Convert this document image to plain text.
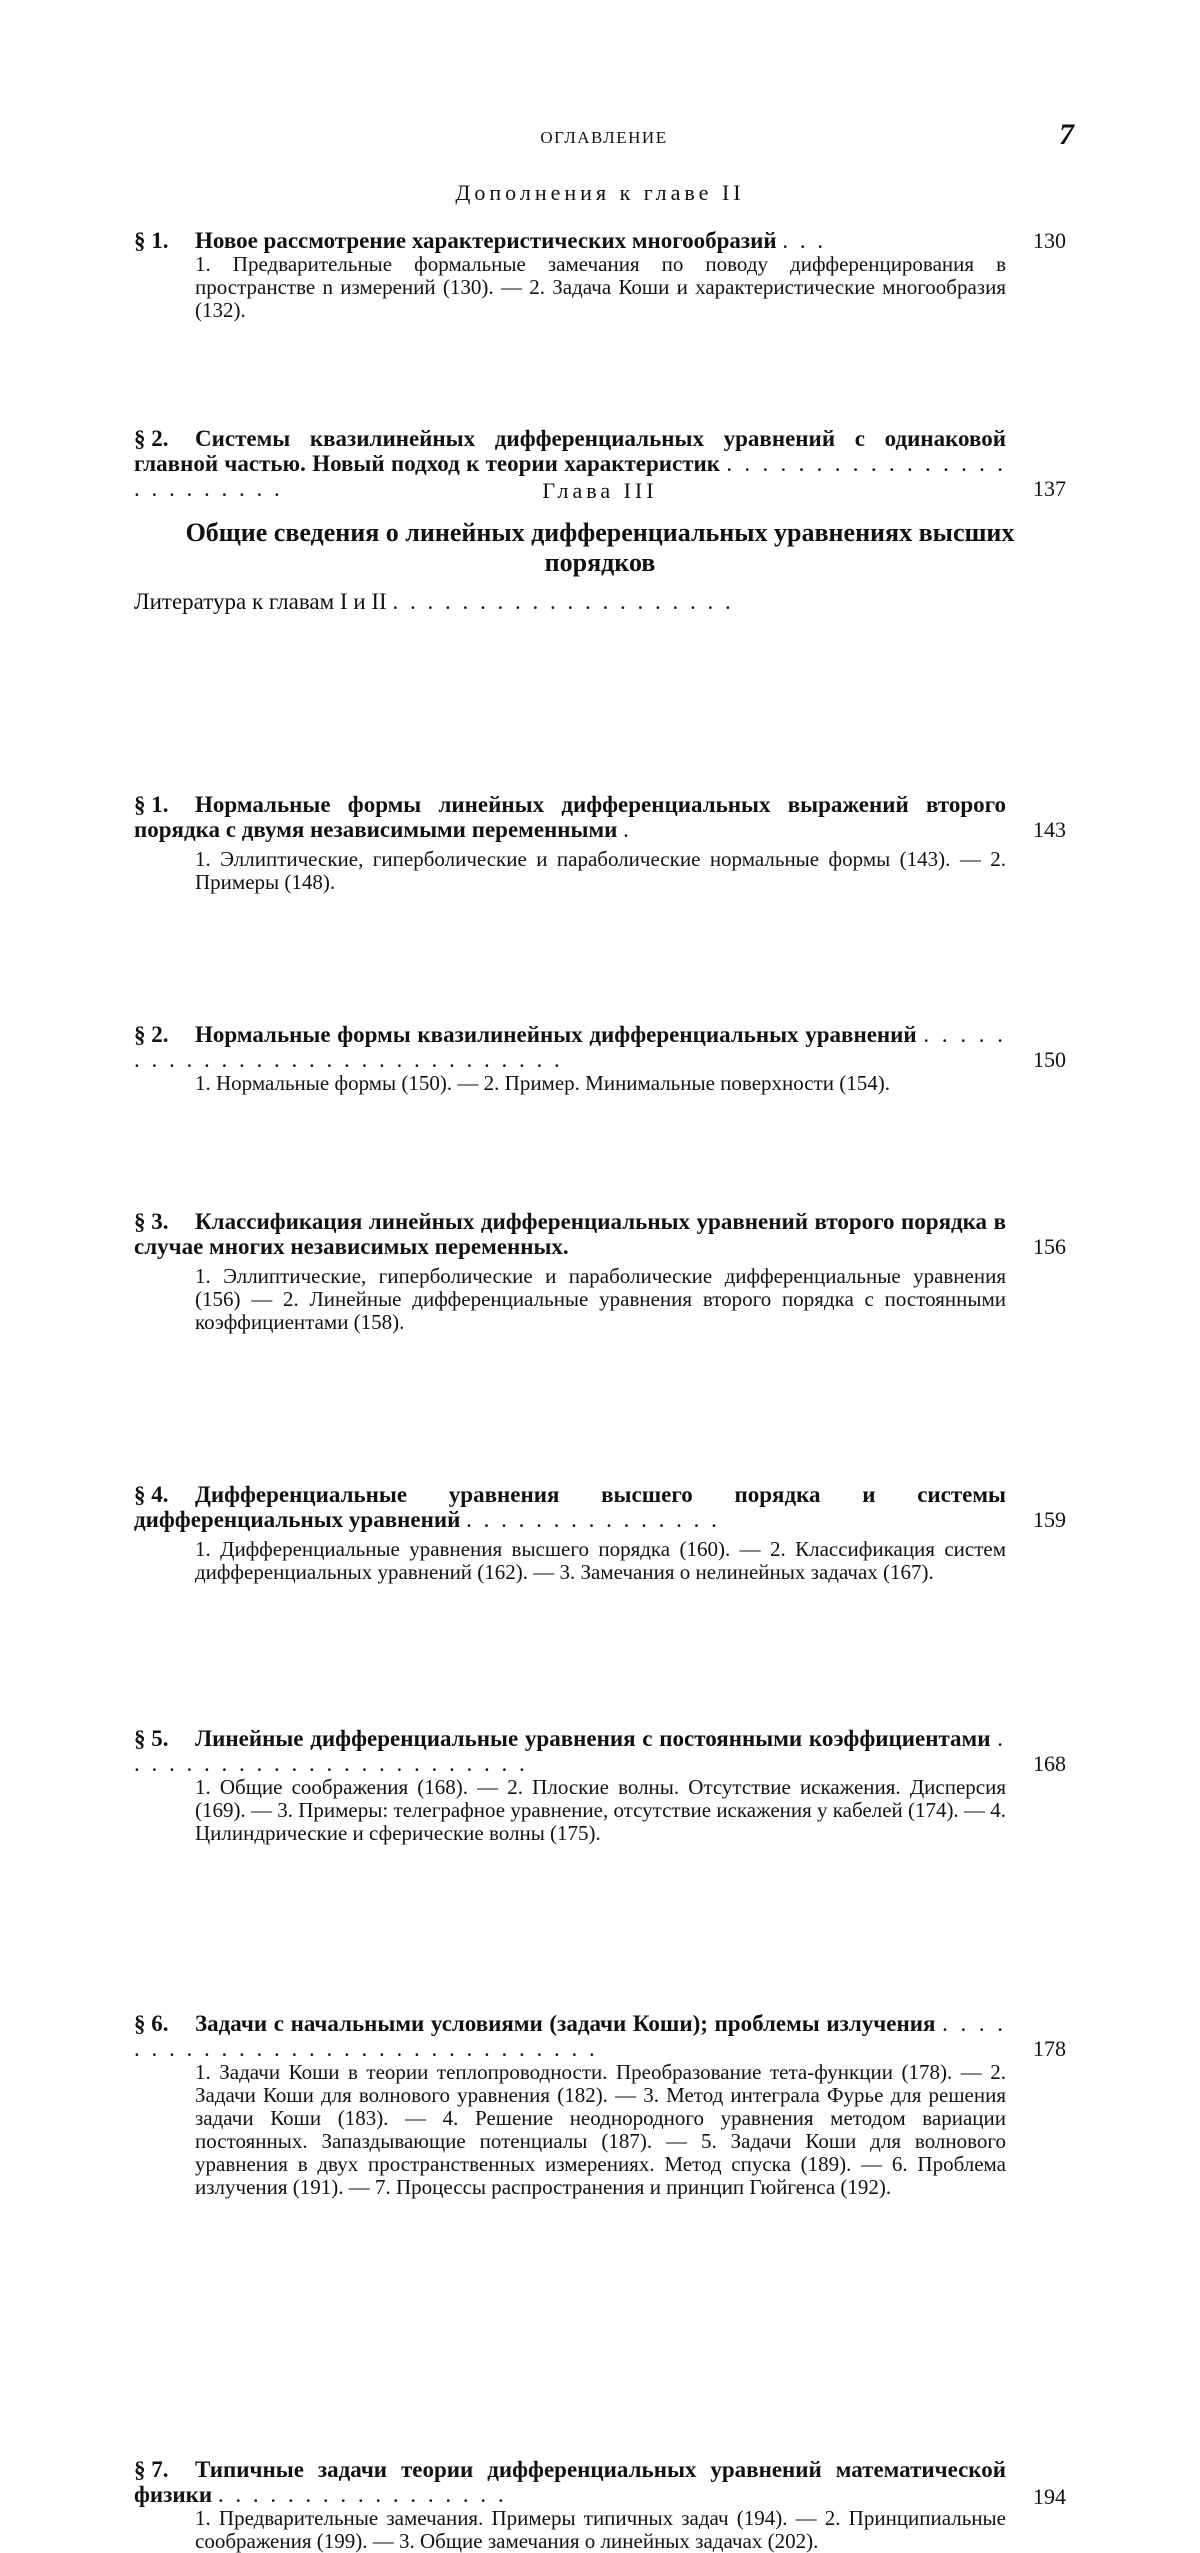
ОГЛАВЛЕНИЕ	7
Дополнения к главе II
§ 1. Новое рассмотрение характеристических многообразий . . .	130
1. Предварительные формальные замечания по поводу дифференцирования в пространстве n измерений (130). — 2. Задача Коши и характеристические многообразия (132).
§ 2. Системы квазилинейных дифференциальных уравнений с одинаковой главной частью. Новый подход к теории характеристик . . . . . . . . . . . . . . . . . . . . . . . . .	137
Литература к главам I и II . . . . . . . . . . . . . . . . . . . .
Глава III
Общие сведения о линейных дифференциальных уравнениях высших порядков
§ 1. Нормальные формы линейных дифференциальных выражений второго порядка с двумя независимыми переменными .	143
1. Эллиптические, гиперболические и параболические нормальные формы (143). — 2. Примеры (148).
§ 2. Нормальные формы квазилинейных дифференциальных уравнений . . . . . . . . . . . . . . . . . . . . . . . . . . . . . .	150
1. Нормальные формы (150). — 2. Пример. Минимальные поверхности (154).
§ 3. Классификация линейных дифференциальных уравнений второго порядка в случае многих независимых переменных.	156
1. Эллиптические, гиперболические и параболические дифференциальные уравнения (156) — 2. Линейные дифференциальные уравнения второго порядка с постоянными коэффициентами (158).
§ 4. Дифференциальные уравнения высшего порядка и системы дифференциальных уравнений . . . . . . . . . . . . . . .	159
1. Дифференциальные уравнения высшего порядка (160). — 2. Классификация систем дифференциальных уравнений (162). — 3. Замечания о нелинейных задачах (167).
§ 5. Линейные дифференциальные уравнения с постоянными коэффициентами . . . . . . . . . . . . . . . . . . . . . . . .	168
1. Общие соображения (168). — 2. Плоские волны. Отсутствие искажения. Дисперсия (169). — 3. Примеры: телеграфное уравнение, отсутствие искажения у кабелей (174). — 4. Цилиндрические и сферические волны (175).
§ 6. Задачи с начальными условиями (задачи Коши); проблемы излучения . . . . . . . . . . . . . . . . . . . . . . . . . . . . . . .	178
1. Задачи Коши в теории теплопроводности. Преобразование тета-функции (178). — 2. Задачи Коши для волнового уравнения (182). — 3. Метод интеграла Фурье для решения задачи Коши (183). — 4. Решение неоднородного уравнения методом вариации постоянных. Запаздывающие потенциалы (187). — 5. Задачи Коши для волнового уравнения в двух пространственных измерениях. Метод спуска (189). — 6. Проблема излучения (191). — 7. Процессы распространения и принцип Гюйгенса (192).
§ 7. Типичные задачи теории дифференциальных уравнений математической физики . . . . . . . . . . . . . . . . .	194
1. Предварительные замечания. Примеры типичных задач (194). — 2. Принципиальные соображения (199). — 3. Общие замечания о линейных задачах (202).
